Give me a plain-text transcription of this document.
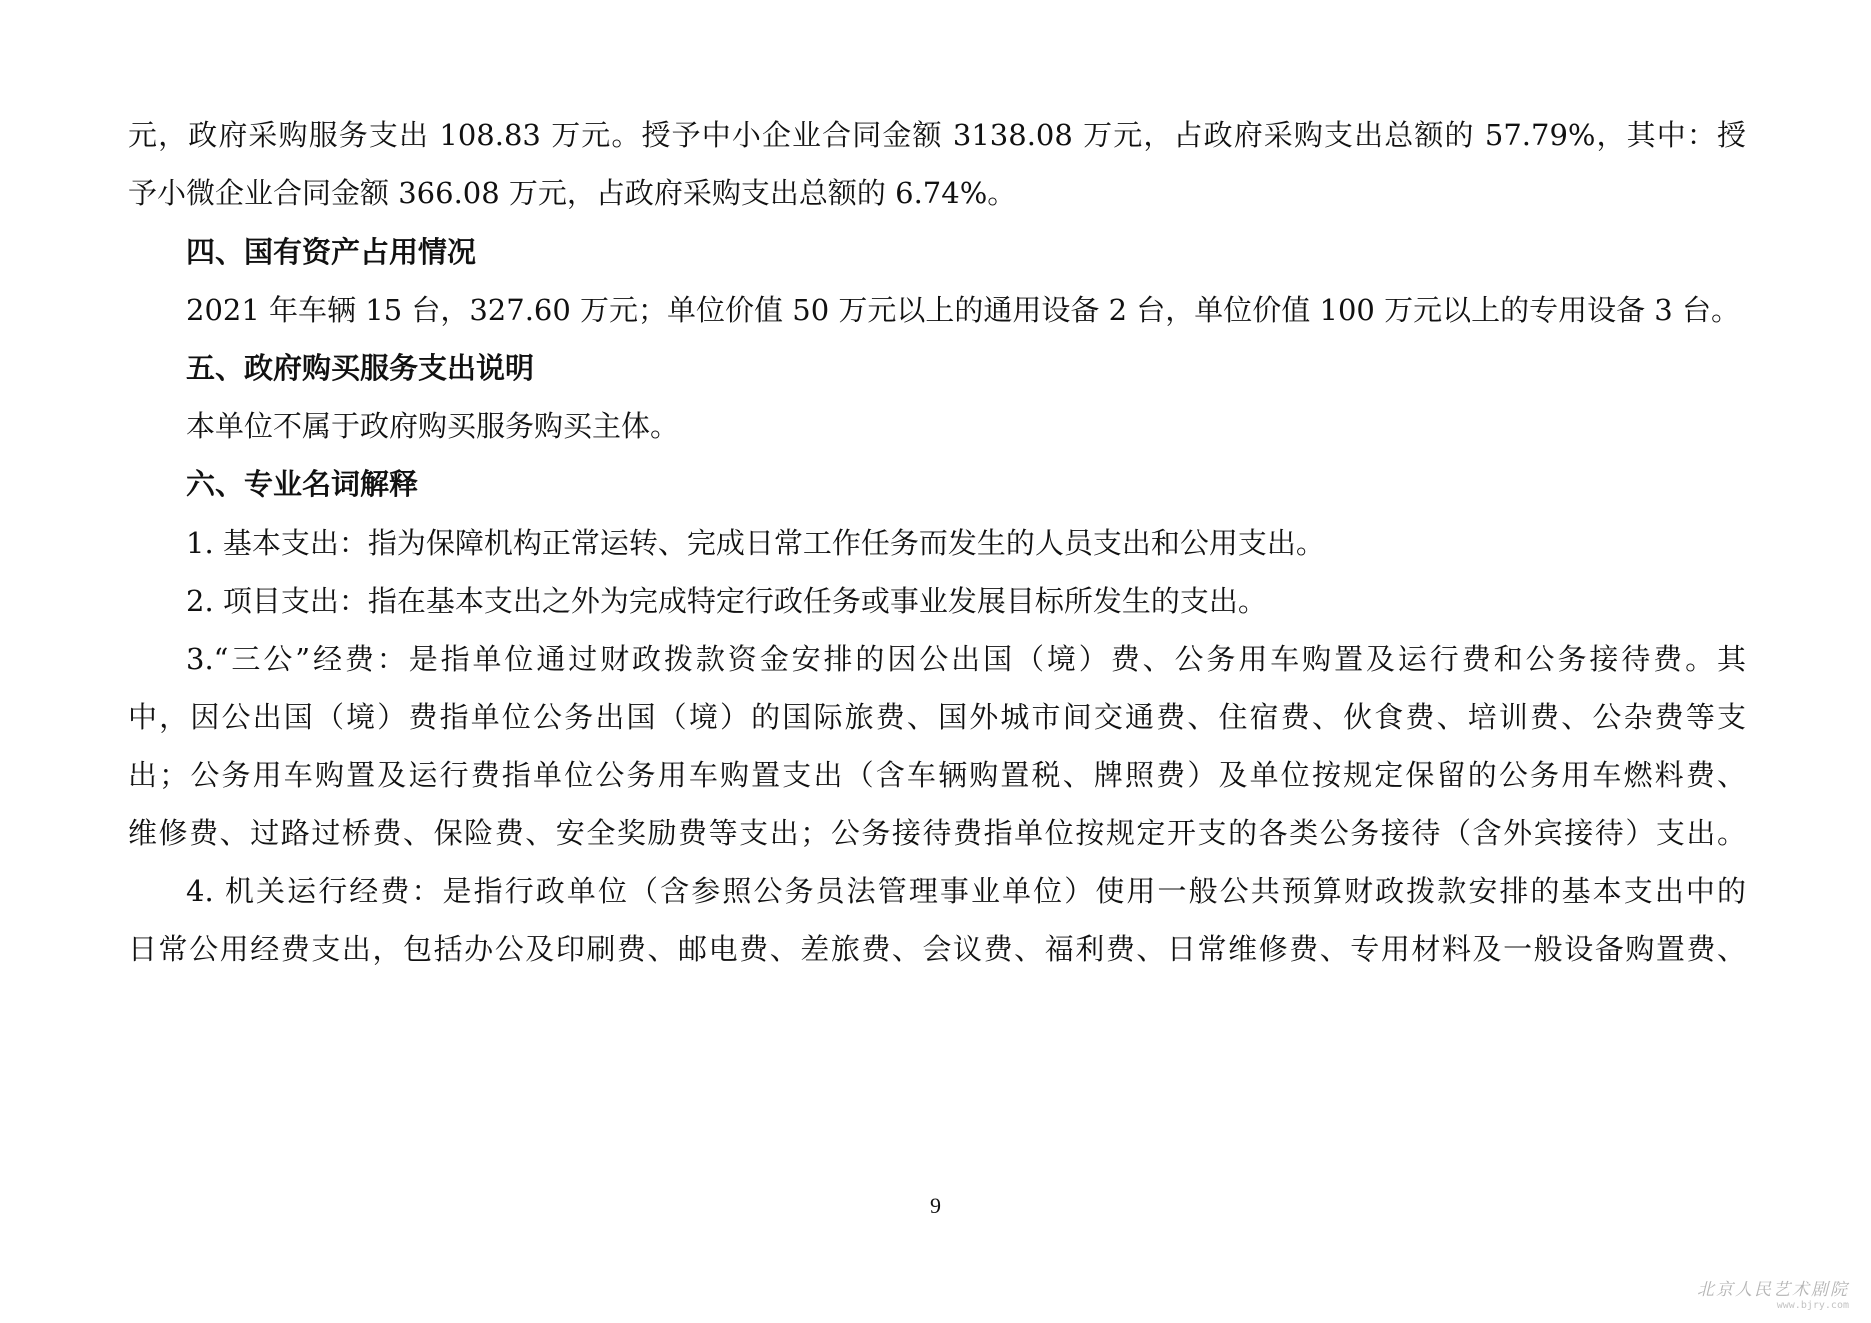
元，政府采购服务支出 108.83 万元。授予中小企业合同金额 3138.08 万元，占政府采购支出总额的 57.79%，其中：授
予小微企业合同金额 366.08 万元，占政府采购支出总额的 6.74%。
四、国有资产占用情况
2021 年车辆 15 台，327.60 万元；单位价值 50 万元以上的通用设备 2 台，单位价值 100 万元以上的专用设备 3 台。
五、政府购买服务支出说明
本单位不属于政府购买服务购买主体。
六、专业名词解释
1. 基本支出：指为保障机构正常运转、完成日常工作任务而发生的人员支出和公用支出。
2. 项目支出：指在基本支出之外为完成特定行政任务或事业发展目标所发生的支出。
3.“三公”经费：是指单位通过财政拨款资金安排的因公出国（境）费、公务用车购置及运行费和公务接待费。其
中，因公出国（境）费指单位公务出国（境）的国际旅费、国外城市间交通费、住宿费、伙食费、培训费、公杂费等支
出；公务用车购置及运行费指单位公务用车购置支出（含车辆购置税、牌照费）及单位按规定保留的公务用车燃料费、
维修费、过路过桥费、保险费、安全奖励费等支出；公务接待费指单位按规定开支的各类公务接待（含外宾接待）支出。
4. 机关运行经费：是指行政单位（含参照公务员法管理事业单位）使用一般公共预算财政拨款安排的基本支出中的
日常公用经费支出，包括办公及印刷费、邮电费、差旅费、会议费、福利费、日常维修费、专用材料及一般设备购置费、
9
北京人民艺术剧院
www.bjry.com
